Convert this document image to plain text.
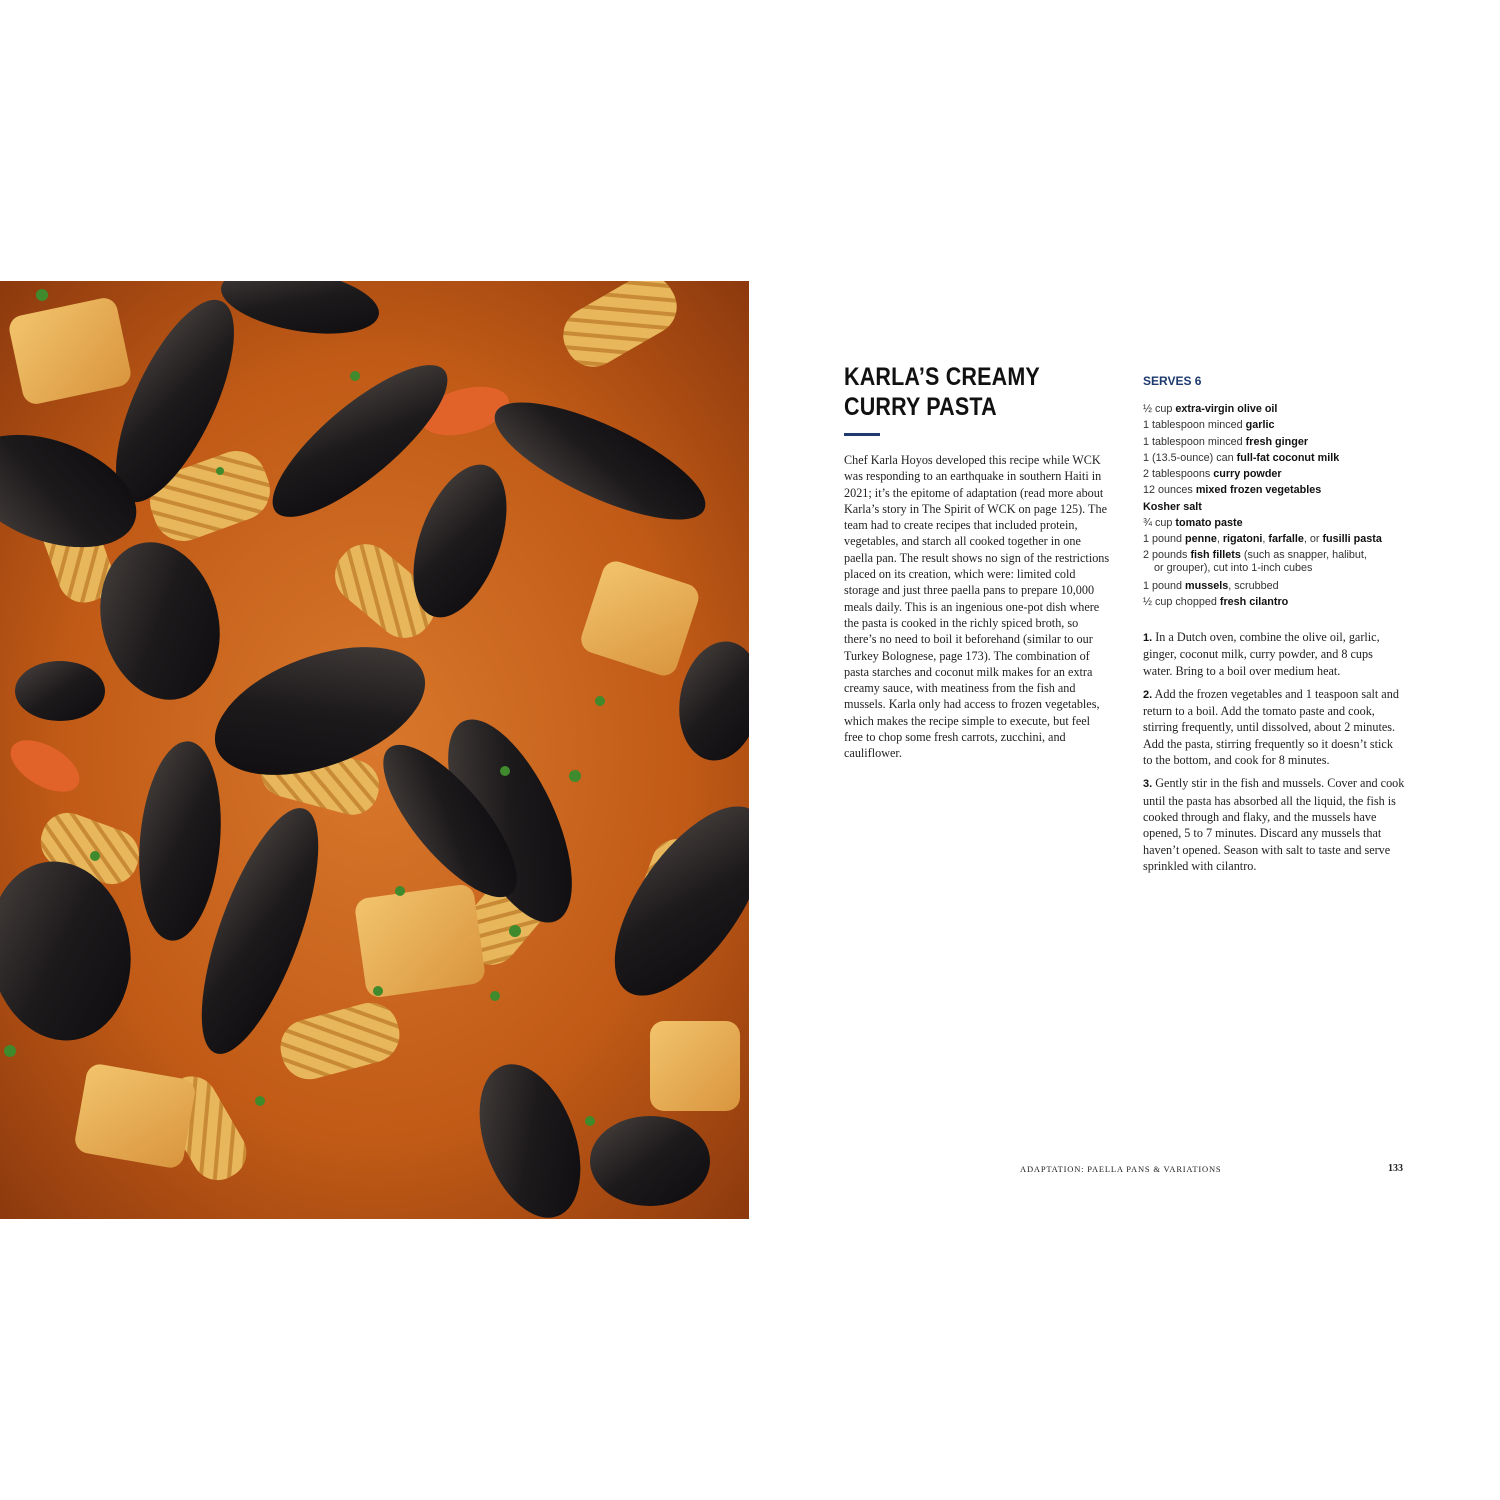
KARLA’S CREAMY
CURRY PASTA
Chef Karla Hoyos developed this recipe while WCK was responding to an earthquake in southern Haiti in 2021; it’s the epitome of adaptation (read more about Karla’s story in The Spirit of WCK on page 125). The team had to create recipes that included protein, vegetables, and starch all cooked together in one paella pan. The result shows no sign of the restrictions placed on its creation, which were: limited cold storage and just three paella pans to prepare 10,000 meals daily. This is an ingenious one-pot dish where the pasta is cooked in the richly spiced broth, so there’s no need to boil it beforehand (similar to our Turkey Bolognese, page 173). The combination of pasta starches and coconut milk makes for an extra creamy sauce, with meatiness from the fish and mussels. Karla only had access to frozen vegetables, which makes the recipe simple to execute, but feel free to chop some fresh carrots, zucchini, and cauliflower.
SERVES 6
½ cup extra-virgin olive oil
1 tablespoon minced garlic
1 tablespoon minced fresh ginger
1 (13.5-ounce) can full-fat coconut milk
2 tablespoons curry powder
12 ounces mixed frozen vegetables
Kosher salt
¾ cup tomato paste
1 pound penne, rigatoni, farfalle, or fusilli pasta
2 pounds fish fillets (such as snapper, halibut,
or grouper), cut into 1-inch cubes
1 pound mussels, scrubbed
½ cup chopped fresh cilantro

1. In a Dutch oven, combine the olive oil, garlic, ginger, coconut milk, curry powder, and 8 cups water. Bring to a boil over medium heat.

2. Add the frozen vegetables and 1 teaspoon salt and return to a boil. Add the tomato paste and cook, stirring frequently, until dissolved, about 2 minutes. Add the pasta, stirring frequently so it doesn’t stick to the bottom, and cook for 8 minutes.

3. Gently stir in the fish and mussels. Cover and cook until the pasta has absorbed all the liquid, the fish is cooked through and flaky, and the mussels have opened, 5 to 7 minutes. Discard any mussels that haven’t opened. Season with salt to taste and serve sprinkled with cilantro.

ADAPTATION: PAELLA PANS & VARIATIONS	133
